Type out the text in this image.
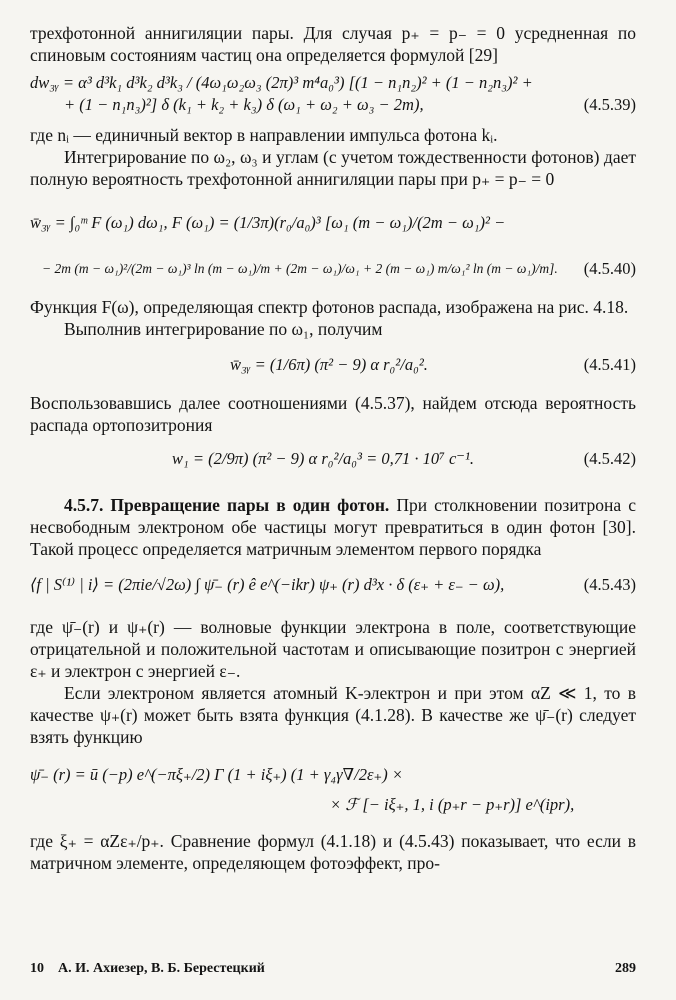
трехфотонной аннигиляции пары. Для случая p₊ = p₋ = 0 усредненная по спиновым состояниям частиц она определяется формулой [29]

dw₃ᵧ = α³ d³k₁ d³k₂ d³k₃ / (4ω₁ω₂ω₃ (2π)³ m⁴a₀³) [(1 − n₁n₂)² + (1 − n₂n₃)² +
+ (1 − n₁n₃)²] δ (k₁ + k₂ + k₃) δ (ω₁ + ω₂ + ω₃ − 2m),	(4.5.39)

где nᵢ — единичный вектор в направлении импульса фотона kᵢ.

Интегрирование по ω₂, ω₃ и углам (с учетом тождественности фотонов) дает полную вероятность трехфотонной аннигиляции пары при p₊ = p₋ = 0

w̄₃ᵧ = ∫₀ᵐ F (ω₁) dω₁, F (ω₁) = (1/3π)(r₀/a₀)³ [ω₁ (m − ω₁)/(2m − ω₁)² −
− 2m (m − ω₁)²/(2m − ω₁)³ ln (m − ω₁)/m + (2m − ω₁)/ω₁ + 2 (m − ω₁) m/ω₁² ln (m − ω₁)/m].	(4.5.40)

Функция F(ω), определяющая спектр фотонов распада, изображена на рис. 4.18.

Выполнив интегрирование по ω₁, получим

w̄₃ᵧ = (1/6π) (π² − 9) α r₀²/a₀².	(4.5.41)

Воспользовавшись далее соотношениями (4.5.37), найдем отсюда вероятность распада ортопозитрония

w₁ = (2/9π) (π² − 9) α r₀²/a₀³ = 0,71 · 10⁷ c⁻¹.	(4.5.42)

4.5.7. Превращение пары в один фотон. При столкновении позитрона с несвободным электроном обе частицы могут превратиться в один фотон [30]. Такой процесс определяется матричным элементом первого порядка

⟨f | S⁽¹⁾ | i⟩ = (2πie/√2ω) ∫ ψ̄₋ (r) ê e^(−ikr) ψ₊ (r) d³x · δ (ε₊ + ε₋ − ω),	(4.5.43)

где ψ̄₋(r) и ψ₊(r) — волновые функции электрона в поле, соответствующие отрицательной и положительной частотам и описывающие позитрон с энергией ε₊ и электрон с энергией ε₋.

Если электроном является атомный K-электрон и при этом αZ ≪ 1, то в качестве ψ₊(r) может быть взята функция (4.1.28). В качестве же ψ̄₋(r) следует взять функцию

ψ̄₋ (r) = ū (−p) e^(−πξ₊/2) Γ (1 + iξ₊) (1 + γ₄γ∇/2ε₊) ×
× ℱ [− iξ₊, 1, i (p₊r − p₊r)] e^(ipr),

где ξ₊ = αZε₊/p₊. Сравнение формул (4.1.18) и (4.5.43) показывает, что если в матричном элементе, определяющем фотоэффект, про-

10 А. И. Ахиезер, В. Б. Берестецкий	289
